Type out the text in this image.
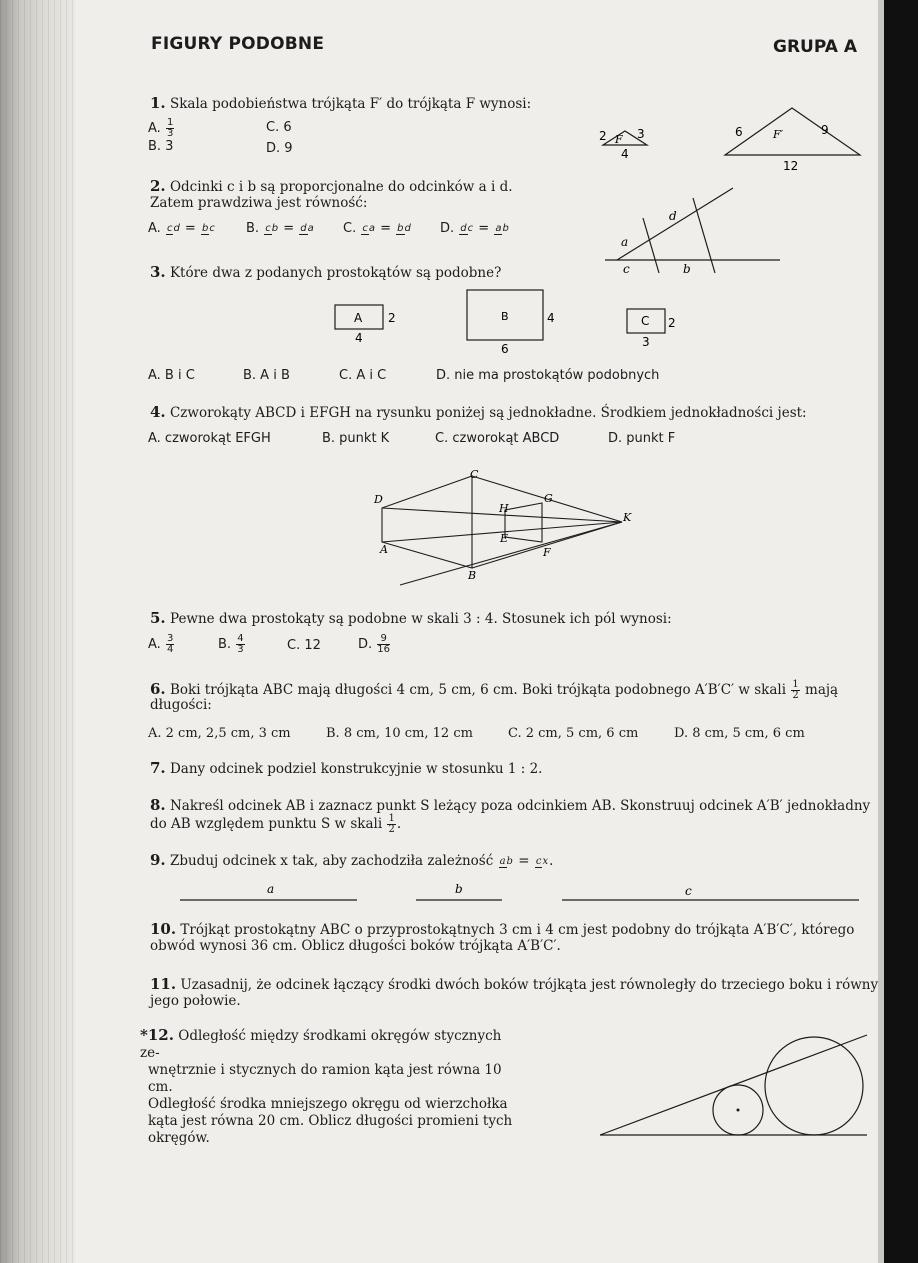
FIGURY PODOBNE	GRUPA A
1. Skala podobieństwa trójkąta F′ do trójkąta F wynosi:
A. $\frac{1}{3}$
B. 3
C. 6
D. 9
2 F 3
4
6	F′	9
12
2. Odcinki c i b są proporcjonalne do odcinków a i d.
Zatem prawdziwa jest równość:
A. cd = bc B. cb = da C. ca = bd D. dc = ab
d
a
c	b
3. Które dwa z podanych prostokątów są podobne?
A 2
4
B	4
6
C 2
3
A. B i C	B. A i B	C. A i C	D. nie ma prostokątów podobnych
4. Czworokąty ABCD i EFGH na rysunku poniżej są jednokładne. Środkiem jednokładności jest:
A. czworokąt EFGH	B. punkt K	C. czworokąt ABCD	D. punkt F
D
A
B
C
H
E
G
F
K
5. Pewne dwa prostokąty są podobne w skali 3 : 4. Stosunek ich pól wynosi:
A. $\frac{3}{4}$	B. $\frac{4}{3}$	C. 12	D. $\frac{9}{16}$
6. Boki trójkąta ABC mają długości 4 cm, 5 cm, 6 cm. Boki trójkąta podobnego A′B′C′ w skali $\frac{1}{2}$ mają
długości:
A. 2 cm, 2,5 cm, 3 cm	B. 8 cm, 10 cm, 12 cm	C. 2 cm, 5 cm, 6 cm	D. 8 cm, 5 cm, 6 cm
7. Dany odcinek podziel konstrukcyjnie w stosunku 1 : 2.
8. Nakreśl odcinek AB i zaznacz punkt S leżący poza odcinkiem AB. Skonstruuj odcinek A′B′ jednokładny
do AB względem punktu S w skali $\frac{1}{2}$ .
9. Zbuduj odcinek x tak, aby zachodziła zależność ab = cx.
a	b	c
10. Trójkąt prostokątny ABC o przyprostokątnych 3 cm i 4 cm jest podobny do trójkąta A′B′C′, którego
obwód wynosi 36 cm. Oblicz długości boków trójkąta A′B′C′.
11. Uzasadnij, że odcinek łączący środki dwóch boków trójkąta jest równoległy do trzeciego boku i równy
jego połowie.
*12. Odległość między środkami okręgów stycznych ze-
wnętrznie i stycznych do ramion kąta jest równa 10 cm.
Odległość środka mniejszego okręgu od wierzchołka
kąta jest równa 20 cm. Oblicz długości promieni tych
okręgów.
